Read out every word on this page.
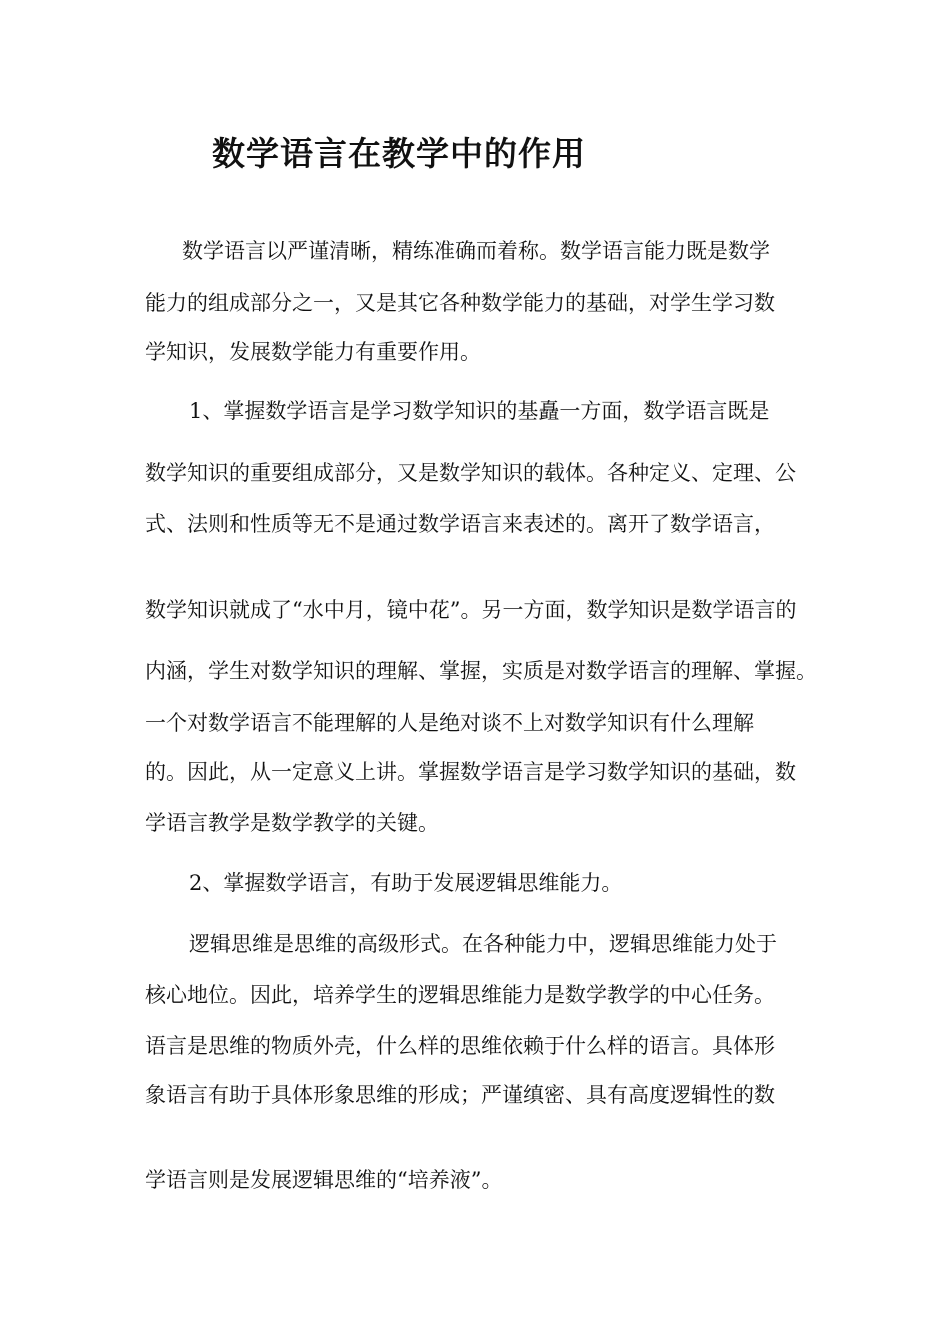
数学语言在教学中的作用
数学语言以严谨清晰，精练准确而着称。数学语言能力既是数学
能力的组成部分之一，又是其它各种数学能力的基础，对学生学习数
学知识，发展数学能力有重要作用。
1、掌握数学语言是学习数学知识的基矗一方面，数学语言既是
数学知识的重要组成部分，又是数学知识的载体。各种定义、定理、公
式、法则和性质等无不是通过数学语言来表述的。离开了数学语言，
数学知识就成了“水中月，镜中花”。另一方面，数学知识是数学语言的
内涵，学生对数学知识的理解、掌握，实质是对数学语言的理解、掌握。
一个对数学语言不能理解的人是绝对谈不上对数学知识有什么理解
的。因此，从一定意义上讲。掌握数学语言是学习数学知识的基础，数
学语言教学是数学教学的关键。
2、掌握数学语言，有助于发展逻辑思维能力。
逻辑思维是思维的高级形式。在各种能力中，逻辑思维能力处于
核心地位。因此，培养学生的逻辑思维能力是数学教学的中心任务。
语言是思维的物质外壳，什么样的思维依赖于什么样的语言。具体形
象语言有助于具体形象思维的形成；严谨缜密、具有高度逻辑性的数
学语言则是发展逻辑思维的“培养液”。
